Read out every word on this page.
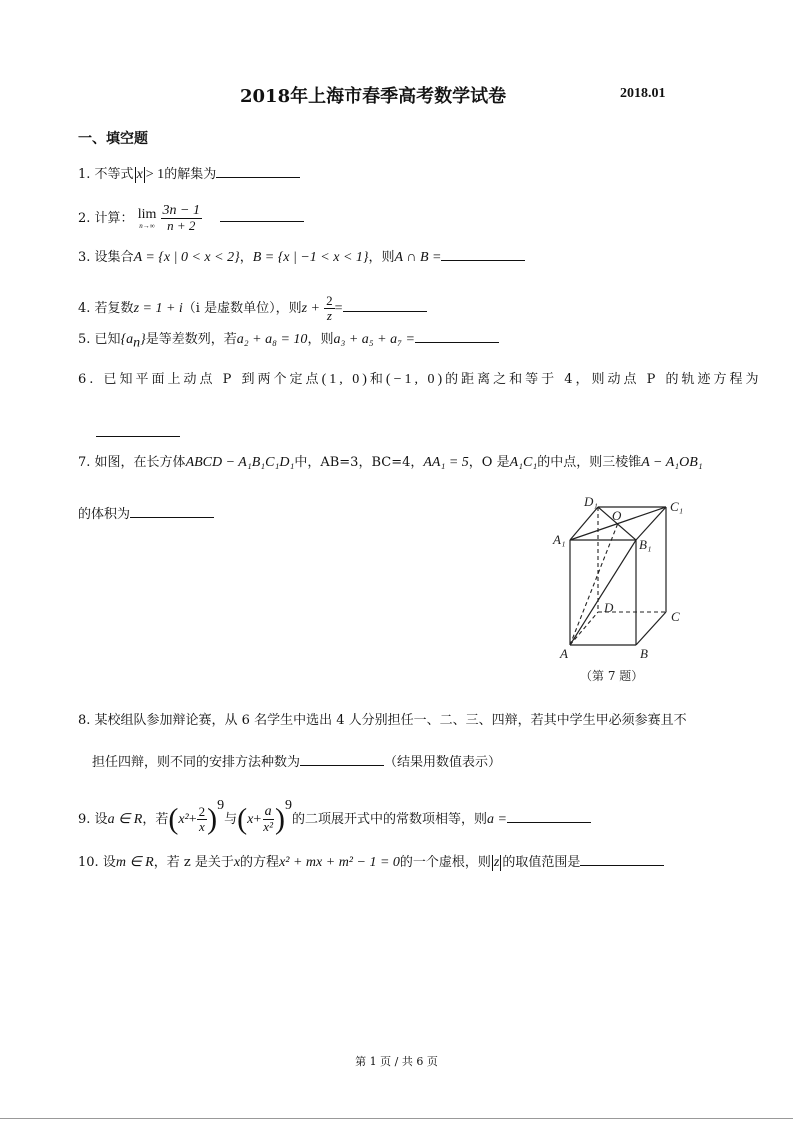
2018年上海市春季高考数学试卷	2018.01
一、填空题
1. 不等式 x > 1的解集为
2. 计算： lim
n→∞
$\frac{3n - 1}{n + 2}$

3. 设集合A = {x | 0 < x < 2}，B = {x | −1 < x < 1}，则A ∩ B =
4. 若复数z = 1 + i（i 是虚数单位），则$z + \frac{2}{z}$ =
5. 已知$\{a_n\}$是等差数列，若a₂ + a₈ = 10，则a₃ + a₅ + a₇ =
6. 已知平面上动点 P 到两个定点(1, 0)和(−1, 0)的距离之和等于 4，则动点 P 的轨迹方程为
7. 如图，在长方体ABCD − A₁B₁C₁D₁中，AB=3，BC=4，AA₁ = 5，O 是A₁C₁的中点，则三棱锥A − A₁OB₁
的体积为
A	B
C
D
A₁	B₁
C₁
D₁
O
（第 7 题）
8. 某校组队参加辩论赛，从 6 名学生中选出 4 人分别担任一、二、三、四辩，若其中学生甲必须参赛且不
担任四辩，则不同的安排方法种数为	（结果用数值表示）
9. 设a ∈ R，若$(x^2+ \frac{2}{x} )^9$与$(x+ \frac{a}{\text{x²}} )^9$的二项展开式中的常数项相等，则a =
10. 设m ∈ R，若 z 是关于x的方程x² + mx + m² − 1 = 0的一个虚根，则 z 的取值范围是
第 1 页 / 共 6 页
